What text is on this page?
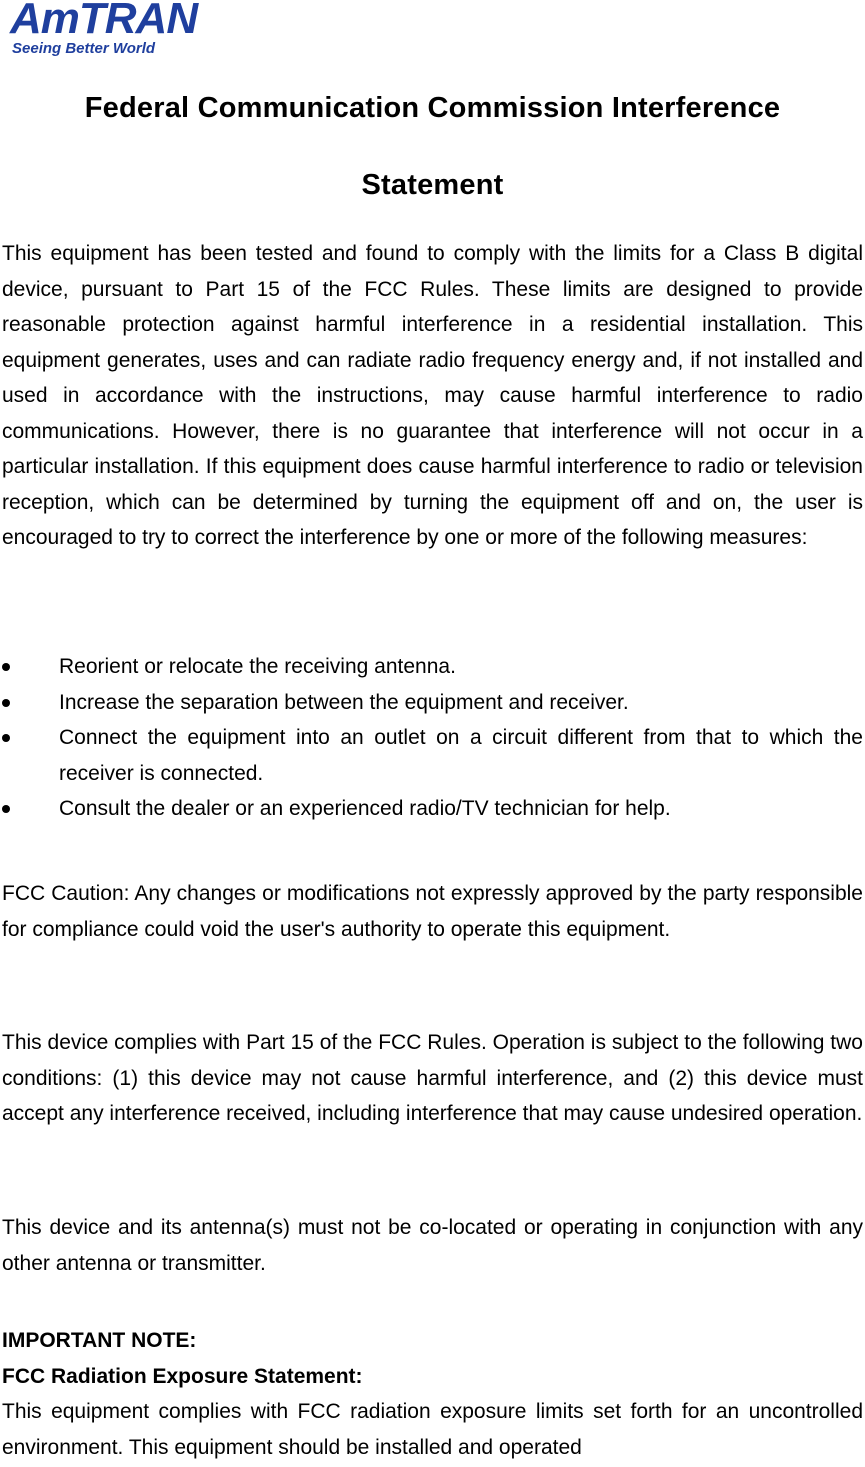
AmTRAN
Seeing Better World
Federal Communication Commission Interference
Statement
This equipment has been tested and found to comply with the limits for a Class B digital device, pursuant to Part 15 of the FCC Rules. These limits are designed to provide reasonable protection against harmful interference in a residential installation. This equipment generates, uses and can radiate radio frequency energy and, if not installed and used in accordance with the instructions, may cause harmful interference to radio communications. However, there is no guarantee that interference will not occur in a particular installation. If this equipment does cause harmful interference to radio or television reception, which can be determined by turning the equipment off and on, the user is encouraged to try to correct the interference by one or more of the following measures:
Reorient or relocate the receiving antenna.
Increase the separation between the equipment and receiver.
Connect the equipment into an outlet on a circuit different from that to which the receiver is connected.
Consult the dealer or an experienced radio/TV technician for help.
FCC Caution: Any changes or modifications not expressly approved by the party responsible for compliance could void the user's authority to operate this equipment.
This device complies with Part 15 of the FCC Rules. Operation is subject to the following two conditions: (1) this device may not cause harmful interference, and (2) this device must accept any interference received, including interference that may cause undesired operation.
This device and its antenna(s) must not be co-located or operating in conjunction with any other antenna or transmitter.
IMPORTANT NOTE:
FCC Radiation Exposure Statement:
This equipment complies with FCC radiation exposure limits set forth for an uncontrolled environment. This equipment should be installed and operated
